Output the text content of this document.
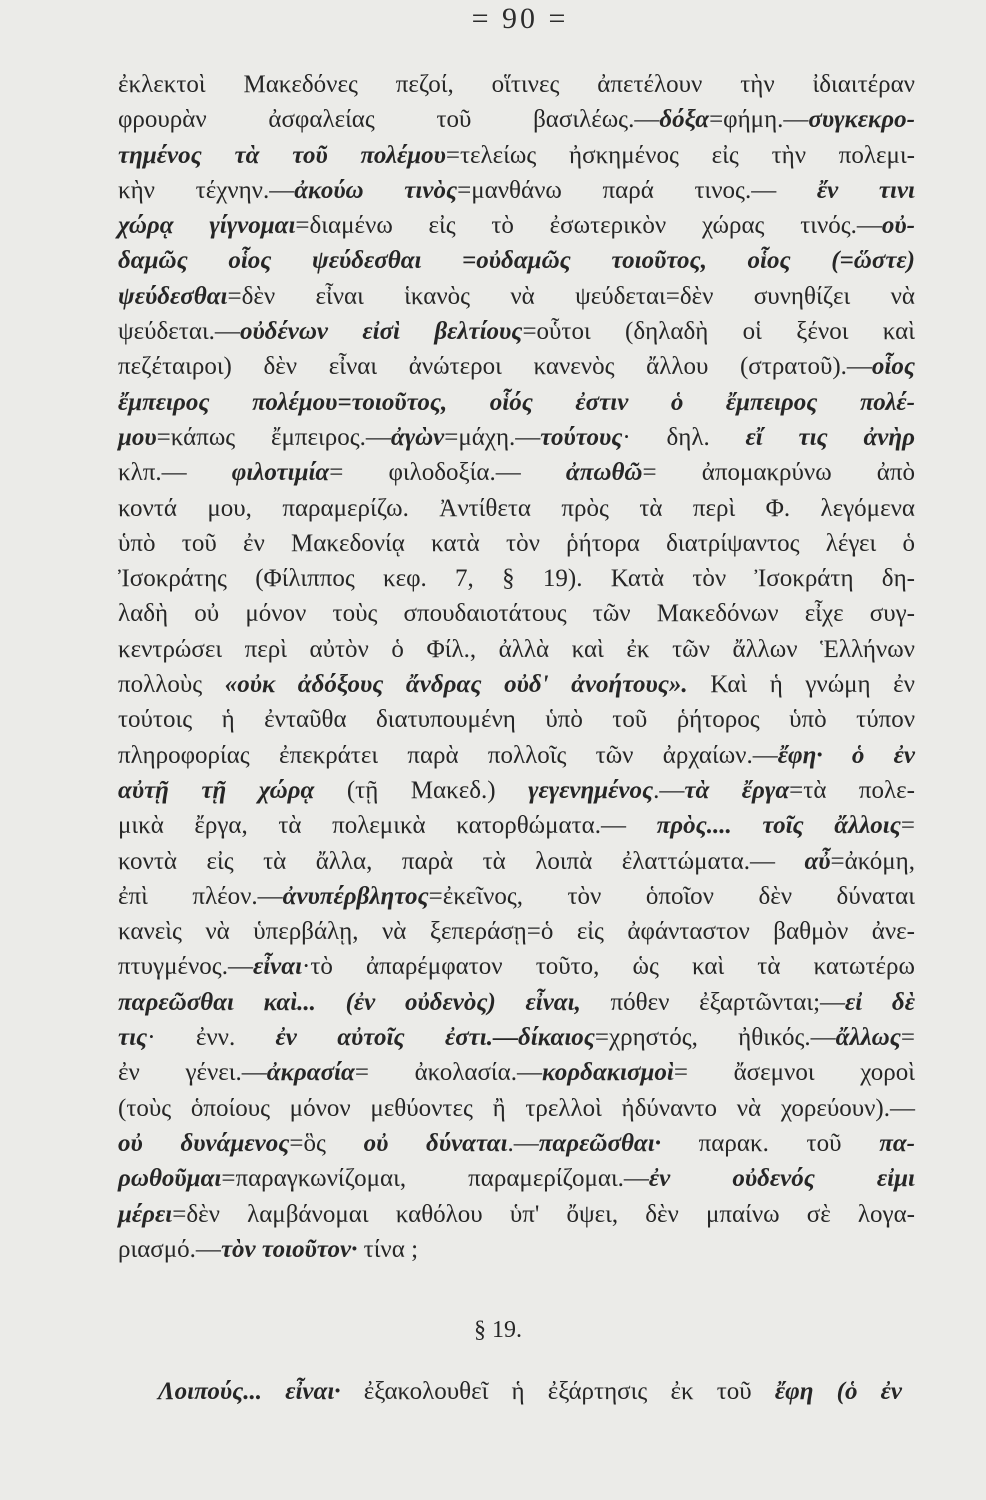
= 90 =
ἐκλεκτοὶ Μακεδόνες πεζοί, οἵτινες ἀπετέλουν τὴν ἰδιαιτέραν
φρουρὰν ἀσφαλείας τοῦ βασιλέως.—δόξα=φήμη.—συγκεκρο-
τημένος τὰ τοῦ πολέμου=τελείως ἠσκημένος εἰς τὴν πολεμι-
κὴν τέχνην.—ἀκούω τινὸς=μανθάνω παρά τινος.— ἔν τινι
χώρᾳ γίγνομαι=διαμένω εἰς τὸ ἐσωτερικὸν χώρας τινός.—οὐ-
δαμῶς οἷος ψεύδεσθαι =οὐδαμῶς τοιοῦτος, οἷος (=ὥστε)
ψεύδεσθαι=δὲν εἶναι ἱκανὸς νὰ ψεύδεται=δὲν συνηθίζει νὰ
ψεύδεται.—οὐδένων εἰσὶ βελτίους=οὗτοι (δηλαδὴ οἱ ξένοι καὶ
πεζέταιροι) δὲν εἶναι ἀνώτεροι κανενὸς ἄλλου (στρατοῦ).—οἷος
ἔμπειρος πολέμου=τοιοῦτος, οἷός ἐστιν ὁ ἔμπειρος πολέ-
μου=κάπως ἔμπειρος.—ἀγὼν=μάχη.—τούτους· δηλ. εἴ τις ἀνὴρ
κλπ.— φιλοτιμία= φιλοδοξία.— ἀπωθῶ= ἀπομακρύνω ἀπὸ
κοντά μου, παραμερίζω. Ἀντίθετα πρὸς τὰ περὶ Φ. λεγόμενα
ὑπὸ τοῦ ἐν Μακεδονίᾳ κατὰ τὸν ῥήτορα διατρίψαντος λέγει ὁ
Ἰσοκράτης (Φίλιππος κεφ. 7, § 19). Κατὰ τὸν Ἰσοκράτη δη-
λαδὴ οὐ μόνον τοὺς σπουδαιοτάτους τῶν Μακεδόνων εἶχε συγ-
κεντρώσει περὶ αὐτὸν ὁ Φίλ., ἀλλὰ καὶ ἐκ τῶν ἄλλων Ἑλλήνων
πολλοὺς «οὐκ ἀδόξους ἄνδρας οὐδ' ἀνοήτους». Καὶ ἡ γνώμη ἐν
τούτοις ἡ ἐνταῦθα διατυπουμένη ὑπὸ τοῦ ῥήτορος ὑπὸ τύπον
πληροφορίας ἐπεκράτει παρὰ πολλοῖς τῶν ἀρχαίων.—ἔφη· ὁ ἐν
αὐτῇ τῇ χώρᾳ (τῇ Μακεδ.) γεγενημένος.—τὰ ἔργα=τὰ πολε-
μικὰ ἔργα, τὰ πολεμικὰ κατορθώματα.— πρὸς.... τοῖς ἄλλοις=
κοντὰ εἰς τὰ ἄλλα, παρὰ τὰ λοιπὰ ἐλαττώματα.— αὖ=ἀκόμη,
ἐπὶ πλέον.—ἀνυπέρβλητος=ἐκεῖνος, τὸν ὁποῖον δὲν δύναται
κανεὶς νὰ ὑπερβάλῃ, νὰ ξεπεράσῃ=ὁ εἰς ἀφάνταστον βαθμὸν ἀνε-
πτυγμένος.—εἶναι·τὸ ἀπαρέμφατον τοῦτο, ὡς καὶ τὰ κατωτέρω
παρεῶσθαι καὶ... (ἐν οὐδενὸς) εἶναι, πόθεν ἐξαρτῶνται;—εἰ δὲ
τις· ἐνν. ἐν αὐτοῖς ἐστι.—δίκαιος=χρηστός, ἠθικός.—ἄλλως=
ἐν γένει.—ἀκρασία= ἀκολασία.—κορδακισμοὶ= ἄσεμνοι χοροὶ
(τοὺς ὁποίους μόνον μεθύοντες ἢ τρελλοὶ ἠδύναντο νὰ χορεύουν).—
οὐ δυνάμενος=ὃς οὐ δύναται.—παρεῶσθαι· παρακ. τοῦ πα-
ρωθοῦμαι=παραγκωνίζομαι, παραμερίζομαι.—ἐν οὐδενός εἰμι
μέρει=δὲν λαμβάνομαι καθόλου ὑπ' ὄψει, δὲν μπαίνω σὲ λογα-
ριασμό.—τὸν τοιοῦτον· τίνα ;
§ 19.
Λοιπούς... εἶναι· ἐξακολουθεῖ ἡ ἐξάρτησις ἐκ τοῦ ἔφη (ὁ ἐν
